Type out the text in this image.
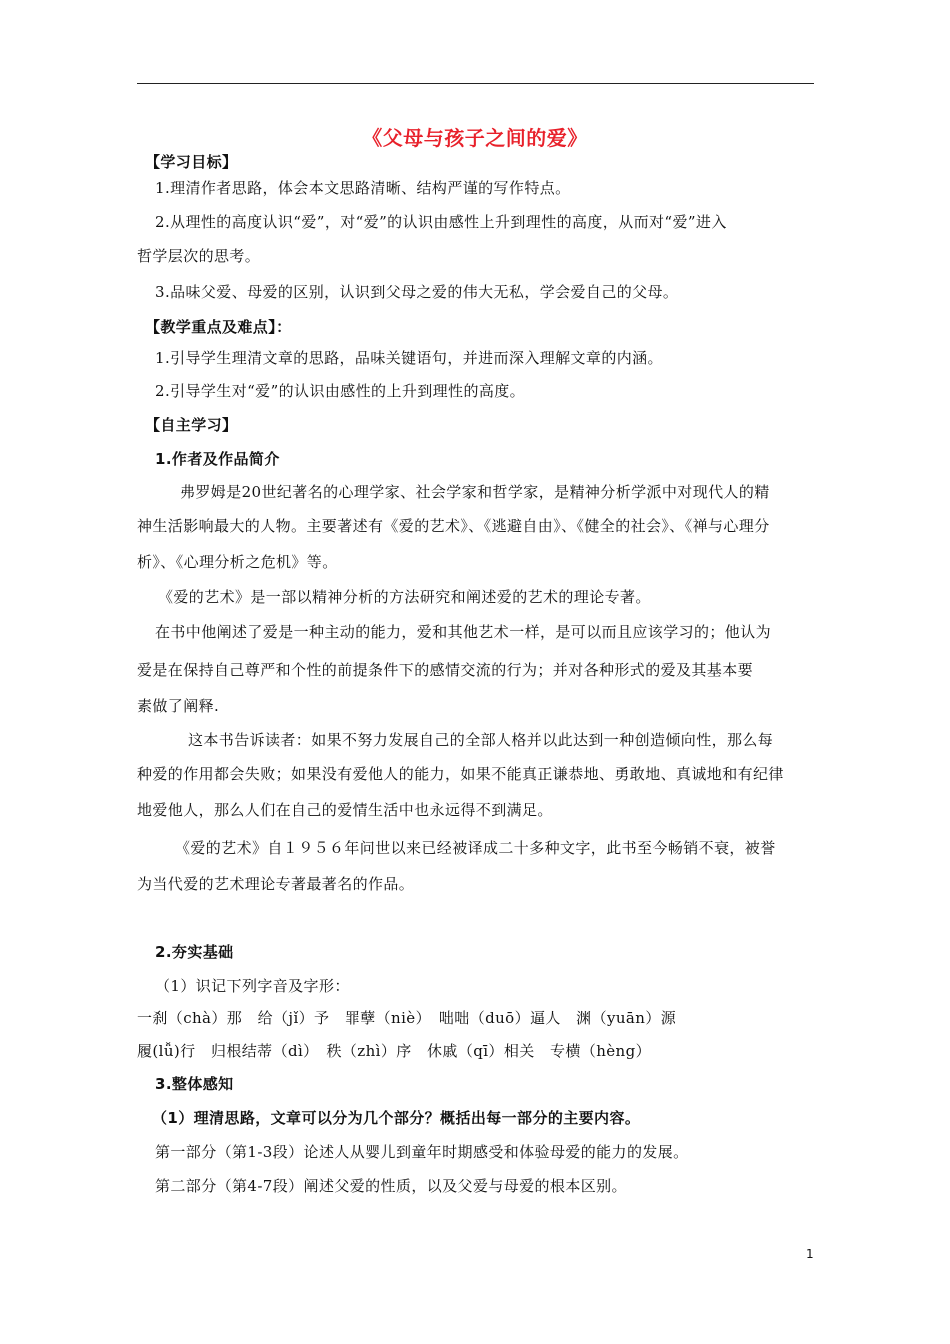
《父母与孩子之间的爱》
【学习目标】
1.理清作者思路，体会本文思路清晰、结构严谨的写作特点。
2.从理性的高度认识“爱”，对“爱”的认识由感性上升到理性的高度，从而对“爱”进入
哲学层次的思考。
3.品味父爱、母爱的区别，认识到父母之爱的伟大无私，学会爱自己的父母。
【教学重点及难点】：
1.引导学生理清文章的思路，品味关键语句，并进而深入理解文章的内涵。
2.引导学生对“爱”的认识由感性的上升到理性的高度。
【自主学习】
1.作者及作品简介
弗罗姆是20世纪著名的心理学家、社会学家和哲学家，是精神分析学派中对现代人的精
神生活影响最大的人物。主要著述有《爱的艺术》、《逃避自由》、《健全的社会》、《禅与心理分
析》、《心理分析之危机》等。
《爱的艺术》是一部以精神分析的方法研究和阐述爱的艺术的理论专著。
在书中他阐述了爱是一种主动的能力，爱和其他艺术一样，是可以而且应该学习的；他认为
爱是在保持自己尊严和个性的前提条件下的感情交流的行为；并对各种形式的爱及其基本要
素做了阐释.
这本书告诉读者：如果不努力发展自己的全部人格并以此达到一种创造倾向性，那么每
种爱的作用都会失败；如果没有爱他人的能力，如果不能真正谦恭地、勇敢地、真诚地和有纪律
地爱他人，那么人们在自己的爱情生活中也永远得不到满足。
《爱的艺术》自１９５６年问世以来已经被译成二十多种文字，此书至今畅销不衰，被誉
为当代爱的艺术理论专著最著名的作品。
2.夯实基础
（1）识记下列字音及字形：
一刹（chà）那　给（jǐ）予　罪孽（niè）　咄咄（duō）逼人　渊（yuān）源
履(lǚ)行　归根结蒂（dì）　秩（zhì）序　休戚（qī）相关　专横（hèng）
3.整体感知
（1）理清思路，文章可以分为几个部分？概括出每一部分的主要内容。
第一部分（第1-3段）论述人从婴儿到童年时期感受和体验母爱的能力的发展。
第二部分（第4-7段）阐述父爱的性质，以及父爱与母爱的根本区别。
1
